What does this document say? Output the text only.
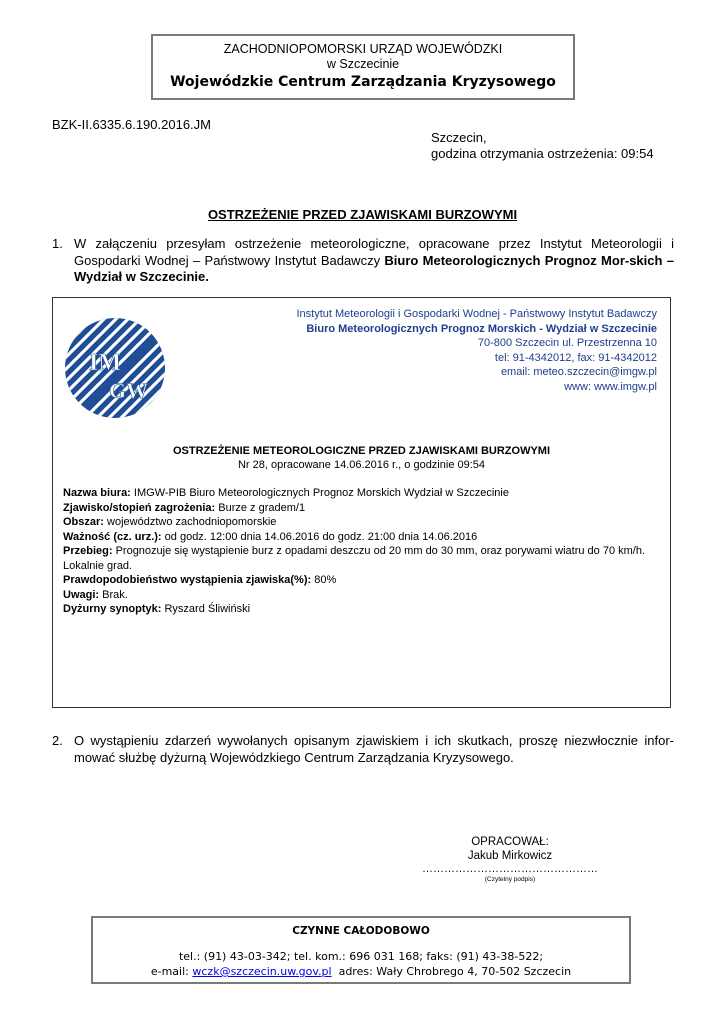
ZACHODNIOPOMORSKI URZĄD WOJEWÓDZKI
w Szczecinie
Wojewódzkie Centrum Zarządzania Kryzysowego
BZK-II.6335.6.190.2016.JM
Szczecin,
godzina otrzymania ostrzeżenia: 09:54
OSTRZEŻENIE PRZED ZJAWISKAMI BURZOWYMI
1. W załączeniu przesyłam ostrzeżenie meteorologiczne, opracowane przez Instytut Meteorologii i Gospodarki Wodnej – Państwowy Instytut Badawczy Biuro Meteorologicznych Prognoz Mor-skich – Wydział w Szczecinie.
IM
GW
Instytut Meteorologii i Gospodarki Wodnej - Państwowy Instytut Badawczy
Biuro Meteorologicznych Prognoz Morskich - Wydział w Szczecinie
70-800 Szczecin ul. Przestrzenna 10
tel: 91-4342012, fax: 91-4342012
email: meteo.szczecin@imgw.pl
www: www.imgw.pl
OSTRZEŻENIE METEOROLOGICZNE PRZED ZJAWISKAMI BURZOWYMI
Nr 28, opracowane 14.06.2016 r., o godzinie 09:54
Nazwa biura: IMGW-PIB Biuro Meteorologicznych Prognoz Morskich Wydział w Szczecinie
Zjawisko/stopień zagrożenia: Burze z gradem/1
Obszar: województwo zachodniopomorskie
Ważność (cz. urz.): od godz. 12:00 dnia 14.06.2016 do godz. 21:00 dnia 14.06.2016
Przebieg: Prognozuje się wystąpienie burz z opadami deszczu od 20 mm do 30 mm, oraz porywami wiatru do 70 km/h. Lokalnie grad.
Prawdopodobieństwo wystąpienia zjawiska(%): 80%
Uwagi: Brak.
Dyżurny synoptyk: Ryszard Śliwiński
2. O wystąpieniu zdarzeń wywołanych opisanym zjawiskiem i ich skutkach, proszę niezwłocznie infor-mować służbę dyżurną Wojewódzkiego Centrum Zarządzania Kryzysowego.
OPRACOWAŁ:
Jakub Mirkowicz
…………………………………………
(Czytelny podpis)
CZYNNE CAŁODOBOWO
tel.: (91) 43-03-342; tel. kom.: 696 031 168; faks: (91) 43-38-522;
e-mail: wczk@szczecin.uw.gov.pl  adres: Wały Chrobrego 4, 70-502 Szczecin
